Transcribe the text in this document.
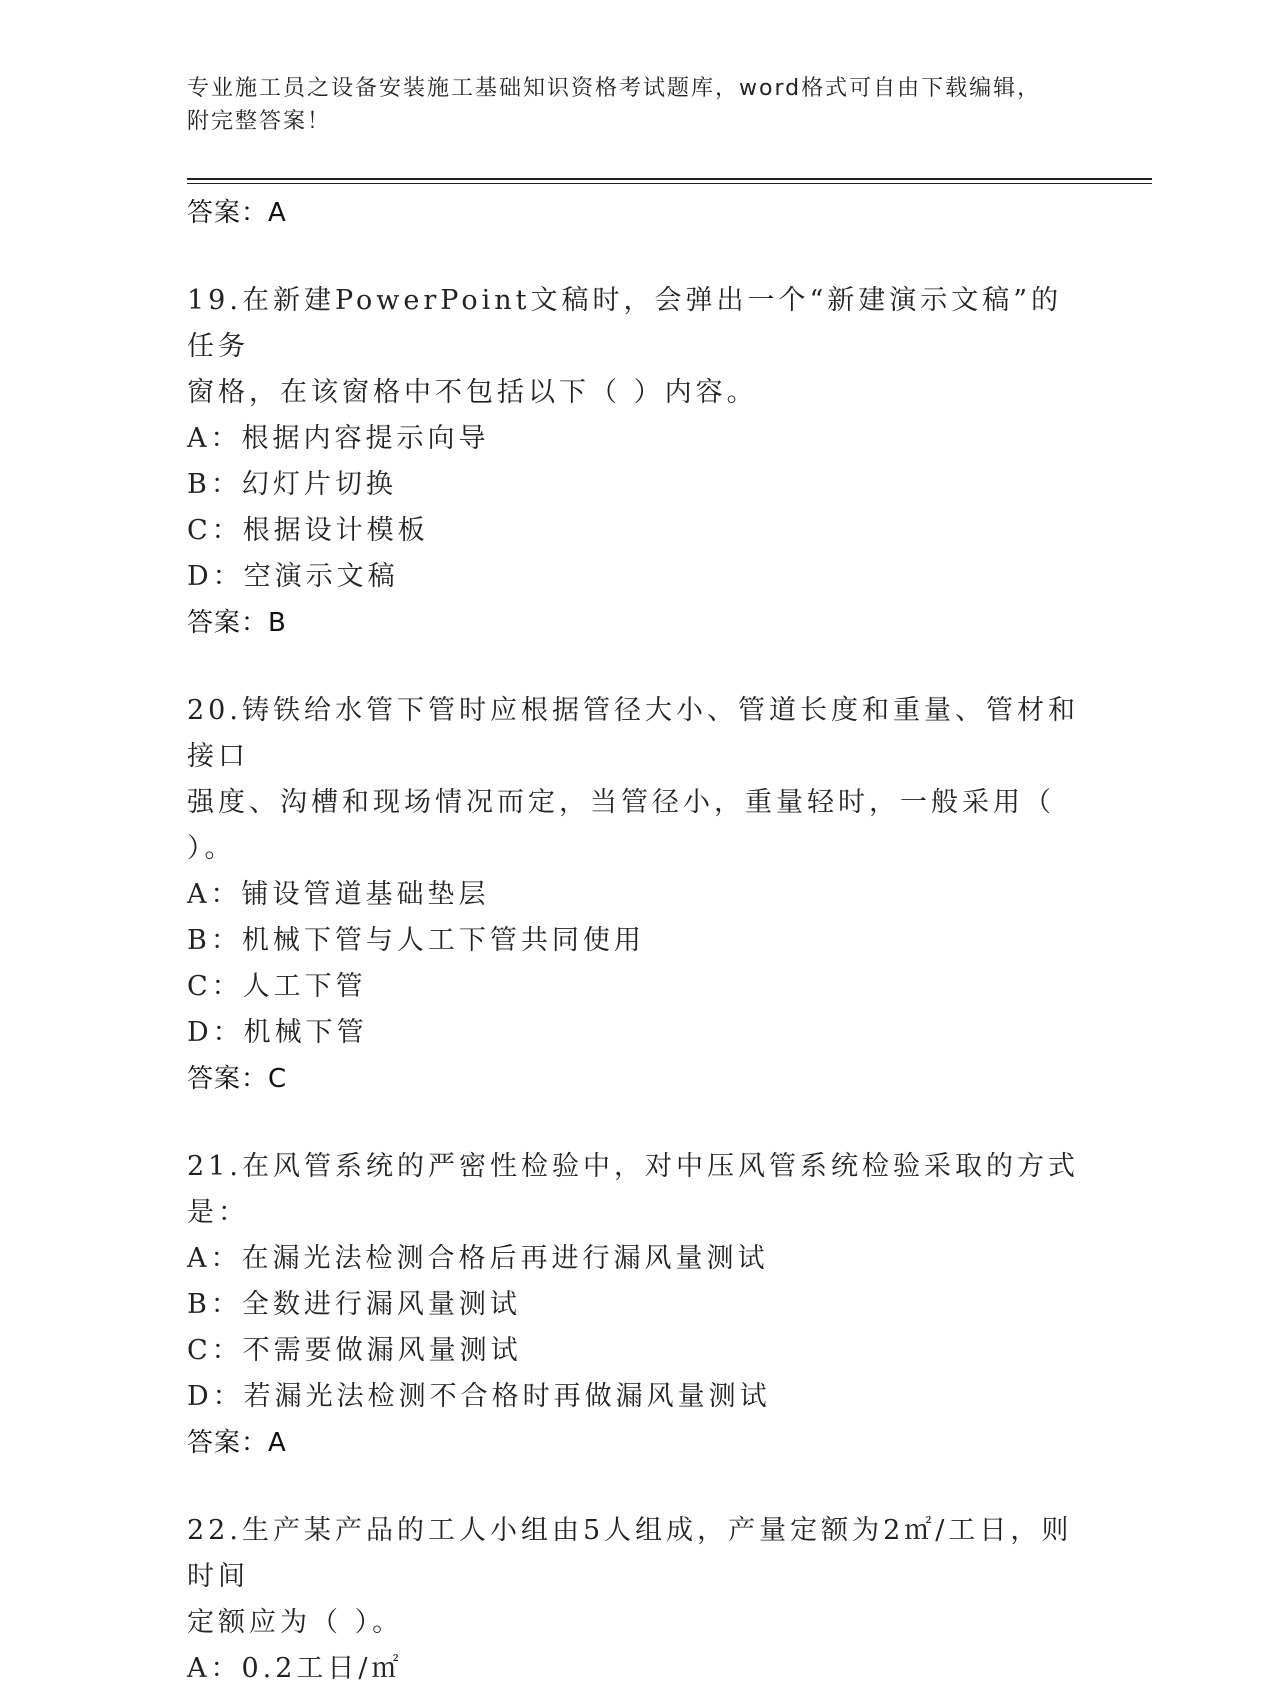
专业施工员之设备安装施工基础知识资格考试题库，word格式可自由下载编辑，
附完整答案！

答案：A

19.在新建PowerPoint文稿时，会弹出一个“新建演示文稿”的任务

窗格，在该窗格中不包括以下（ ）内容。

A：根据内容提示向导

B：幻灯片切换

C：根据设计模板

D：空演示文稿

答案：B

20.铸铁给水管下管时应根据管径大小、管道长度和重量、管材和接口

强度、沟槽和现场情况而定，当管径小，重量轻时，一般采用（ ）。

A：铺设管道基础垫层

B：机械下管与人工下管共同使用

C：人工下管

D：机械下管

答案：C

21.在风管系统的严密性检验中，对中压风管系统检验采取的方式是：

A：在漏光法检测合格后再进行漏风量测试

B：全数进行漏风量测试

C：不需要做漏风量测试

D：若漏光法检测不合格时再做漏风量测试

答案：A

22.生产某产品的工人小组由5人组成，产量定额为2㎡/工日，则时间

定额应为（ ）。

A：0.2工日/㎡
